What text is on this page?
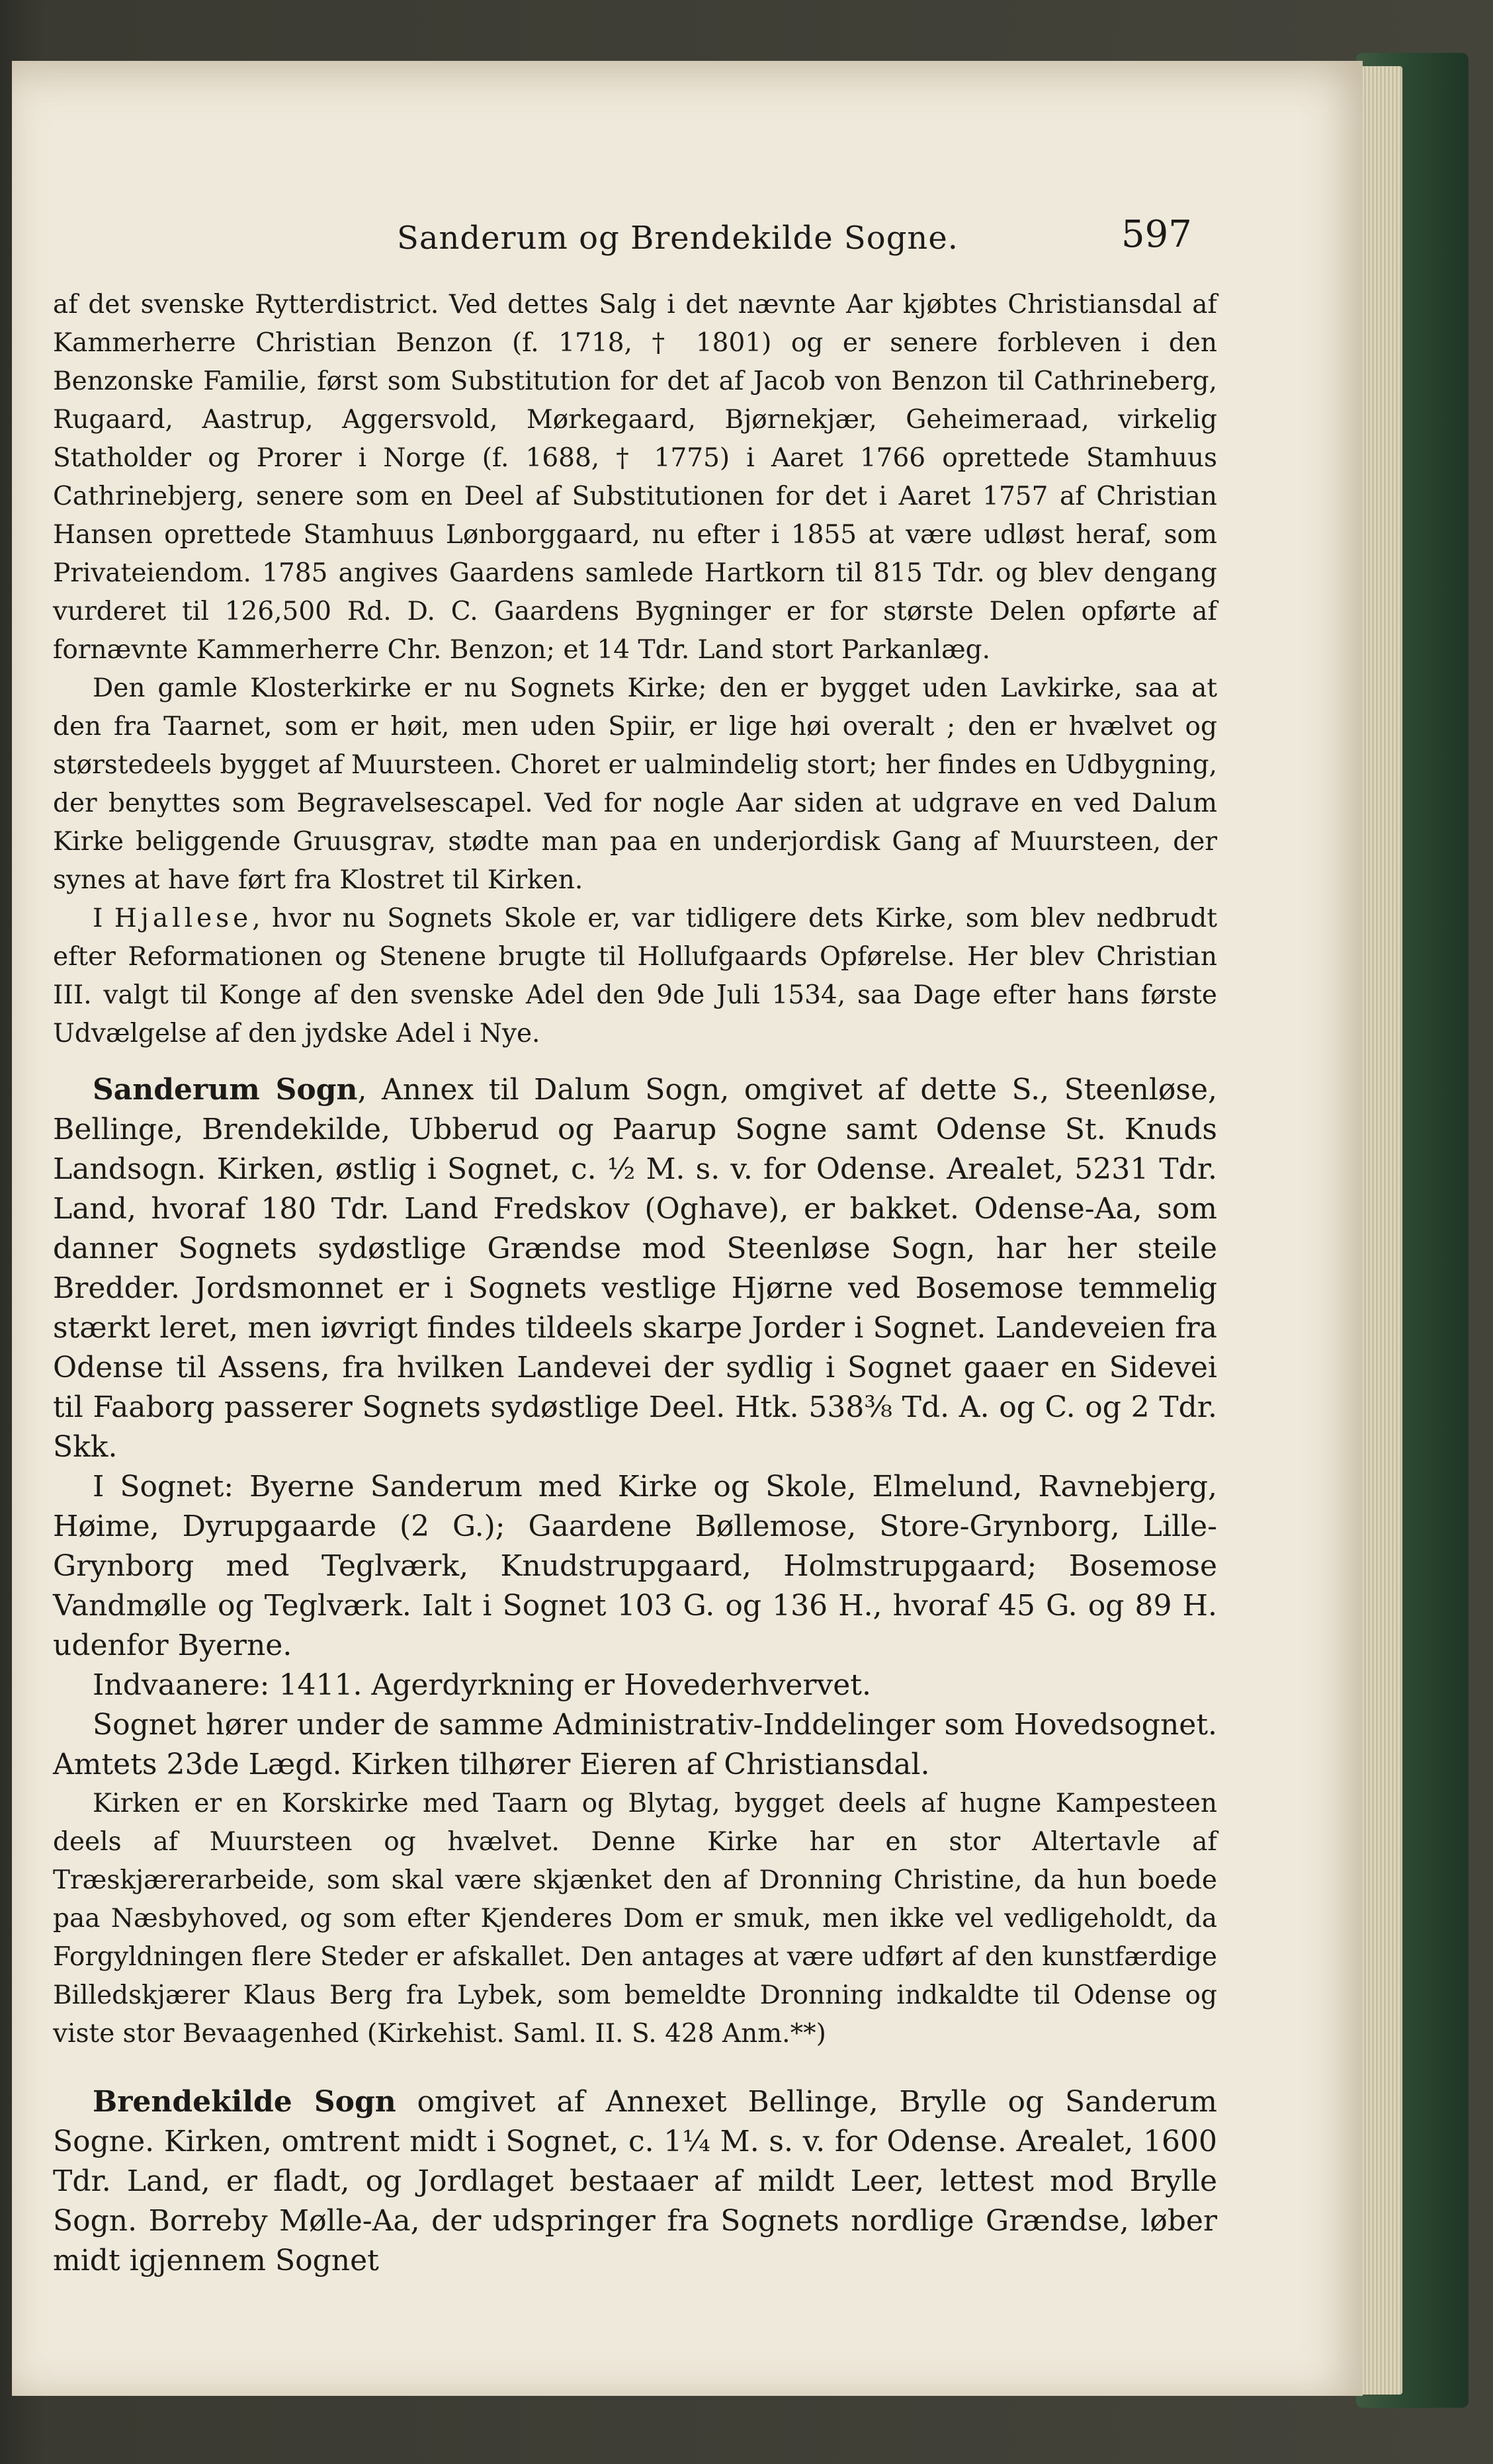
Sanderum og Brendekilde Sogne.	597

af det svenske Rytterdistrict. Ved dettes Salg i det nævnte Aar kjøbtes Christiansdal af Kammerherre Christian Benzon (f. 1718, † 1801) og er senere forbleven i den Benzonske Familie, først som Substitution for det af Jacob von Benzon til Cathrineberg, Rugaard, Aastrup, Aggersvold, Mørkegaard, Bjørnekjær, Geheimeraad, virkelig Statholder og Prorer i Norge (f. 1688, † 1775) i Aaret 1766 oprettede Stamhuus Cathrinebjerg, senere som en Deel af Substitutionen for det i Aaret 1757 af Christian Hansen oprettede Stamhuus Lønborggaard, nu efter i 1855 at være udløst heraf, som Privateiendom. 1785 angives Gaardens samlede Hartkorn til 815 Tdr. og blev dengang vurderet til 126,500 Rd. D. C. Gaardens Bygninger er for største Delen opførte af fornævnte Kammerherre Chr. Benzon; et 14 Tdr. Land stort Parkanlæg.

Den gamle Klosterkirke er nu Sognets Kirke; den er bygget uden Lavkirke, saa at den fra Taarnet, som er høit, men uden Spiir, er lige høi overalt ; den er hvælvet og størstedeels bygget af Muursteen. Choret er ualmindelig stort; her findes en Udbygning, der benyttes som Begravelsescapel. Ved for nogle Aar siden at udgrave en ved Dalum Kirke beliggende Gruusgrav, stødte man paa en underjordisk Gang af Muursteen, der synes at have ført fra Klostret til Kirken.

I Hjallese, hvor nu Sognets Skole er, var tidligere dets Kirke, som blev nedbrudt efter Reformationen og Stenene brugte til Hollufgaards Opførelse. Her blev Christian III. valgt til Konge af den svenske Adel den 9de Juli 1534, saa Dage efter hans første Udvælgelse af den jydske Adel i Nye.

Sanderum Sogn, Annex til Dalum Sogn, omgivet af dette S., Steenløse, Bellinge, Brendekilde, Ubberud og Paarup Sogne samt Odense St. Knuds Landsogn. Kirken, østlig i Sognet, c. ½ M. s. v. for Odense. Arealet, 5231 Tdr. Land, hvoraf 180 Tdr. Land Fredskov (Oghave), er bakket. Odense-Aa, som danner Sognets sydøstlige Grændse mod Steenløse Sogn, har her steile Bredder. Jordsmonnet er i Sognets vestlige Hjørne ved Bosemose temmelig stærkt leret, men iøvrigt findes tildeels skarpe Jorder i Sognet. Landeveien fra Odense til Assens, fra hvilken Landevei der sydlig i Sognet gaaer en Sidevei til Faaborg passerer Sognets sydøstlige Deel. Htk. 538⅜ Td. A. og C. og 2 Tdr. Skk.

I Sognet: Byerne Sanderum med Kirke og Skole, Elmelund, Ravnebjerg, Høime, Dyrupgaarde (2 G.); Gaardene Bøllemose, Store-Grynborg, Lille-Grynborg med Teglværk, Knudstrupgaard, Holmstrupgaard; Bosemose Vandmølle og Teglværk. Ialt i Sognet 103 G. og 136 H., hvoraf 45 G. og 89 H. udenfor Byerne.

Indvaanere: 1411. Agerdyrkning er Hovederhvervet.

Sognet hører under de samme Administrativ-Inddelinger som Hovedsognet. Amtets 23de Lægd. Kirken tilhører Eieren af Christiansdal.

Kirken er en Korskirke med Taarn og Blytag, bygget deels af hugne Kampesteen deels af Muursteen og hvælvet. Denne Kirke har en stor Altertavle af Træskjærerarbeide, som skal være skjænket den af Dronning Christine, da hun boede paa Næsbyhoved, og som efter Kjenderes Dom er smuk, men ikke vel vedligeholdt, da Forgyldningen flere Steder er afskallet. Den antages at være udført af den kunstfærdige Billedskjærer Klaus Berg fra Lybek, som bemeldte Dronning indkaldte til Odense og viste stor Bevaagenhed (Kirkehist. Saml. II. S. 428 Anm.**)

Brendekilde Sogn omgivet af Annexet Bellinge, Brylle og Sanderum Sogne. Kirken, omtrent midt i Sognet, c. 1¼ M. s. v. for Odense. Arealet, 1600 Tdr. Land, er fladt, og Jordlaget bestaaer af mildt Leer, lettest mod Brylle Sogn. Borreby Mølle-Aa, der udspringer fra Sognets nordlige Grændse, løber midt igjennem Sognet
